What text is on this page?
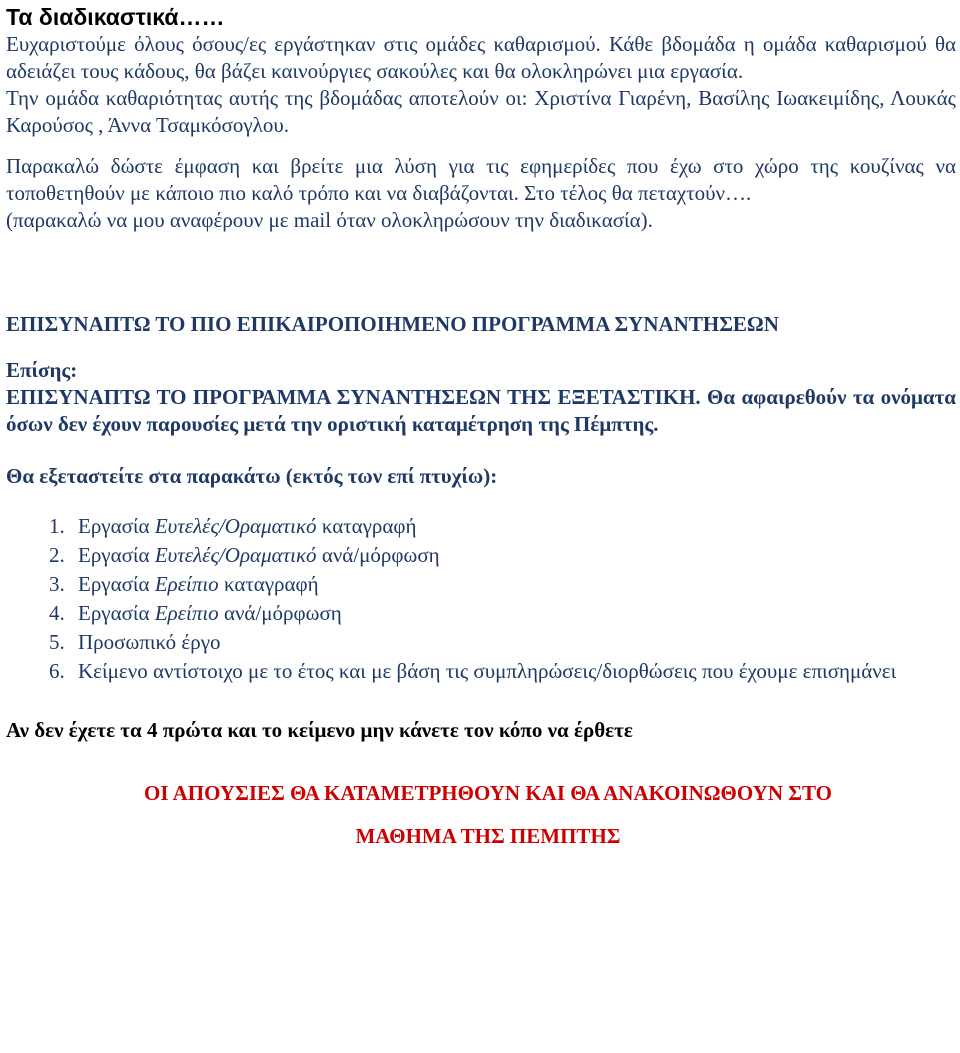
Τα διαδικαστικά……

Ευχαριστούμε όλους όσους/ες εργάστηκαν στις ομάδες καθαρισμού. Κάθε βδομάδα η ομάδα καθαρισμού θα αδειάζει τους κάδους, θα βάζει καινούργιες σακούλες και θα ολοκληρώνει μια εργασία.

Την ομάδα καθαριότητας αυτής της βδομάδας αποτελούν οι: Χριστίνα Γιαρένη, Βασίλης Ιωακειμίδης, Λουκάς Καρούσος , Άννα Τσαμκόσογλου.

Παρακαλώ δώστε έμφαση και βρείτε μια λύση για τις εφημερίδες που έχω στο χώρο της κουζίνας να τοποθετηθούν με κάποιο πιο καλό τρόπο και να διαβάζονται. Στο τέλος θα πεταχτούν….

(παρακαλώ να μου αναφέρουν με mail όταν ολοκληρώσουν την διαδικασία).

ΕΠΙΣΥΝΑΠΤΩ ΤΟ ΠΙΟ ΕΠΙΚΑΙΡΟΠΟΙΗΜΕΝΟ ΠΡΟΓΡΑΜΜΑ ΣΥΝΑΝΤΗΣΕΩΝ

Επίσης:

ΕΠΙΣΥΝΑΠΤΩ ΤΟ ΠΡΟΓΡΑΜΜΑ ΣΥΝΑΝΤΗΣΕΩΝ ΤΗΣ ΕΞΕΤΑΣΤΙΚΗ. Θα αφαιρεθούν τα ονόματα όσων δεν έχουν παρουσίες μετά την οριστική καταμέτρηση της Πέμπτης.

Θα εξεταστείτε στα παρακάτω (εκτός των επί πτυχίω):

1. Εργασία Ευτελές/Οραματικό καταγραφή
2. Εργασία Ευτελές/Οραματικό ανά/μόρφωση
3. Εργασία Ερείπιο καταγραφή
4. Εργασία Ερείπιο ανά/μόρφωση
5. Προσωπικό έργο
6. Κείμενο αντίστοιχο με το έτος και με βάση τις συμπληρώσεις/διορθώσεις που έχουμε επισημάνει

Αν δεν έχετε τα 4 πρώτα και το κείμενο μην κάνετε τον κόπο να έρθετε

ΟΙ ΑΠΟΥΣΙΕΣ ΘΑ ΚΑΤΑΜΕΤΡΗΘΟΥΝ ΚΑΙ ΘΑ ΑΝΑΚΟΙΝΩΘΟΥΝ ΣΤΟ
ΜΑΘΗΜΑ ΤΗΣ ΠΕΜΠΤΗΣ
